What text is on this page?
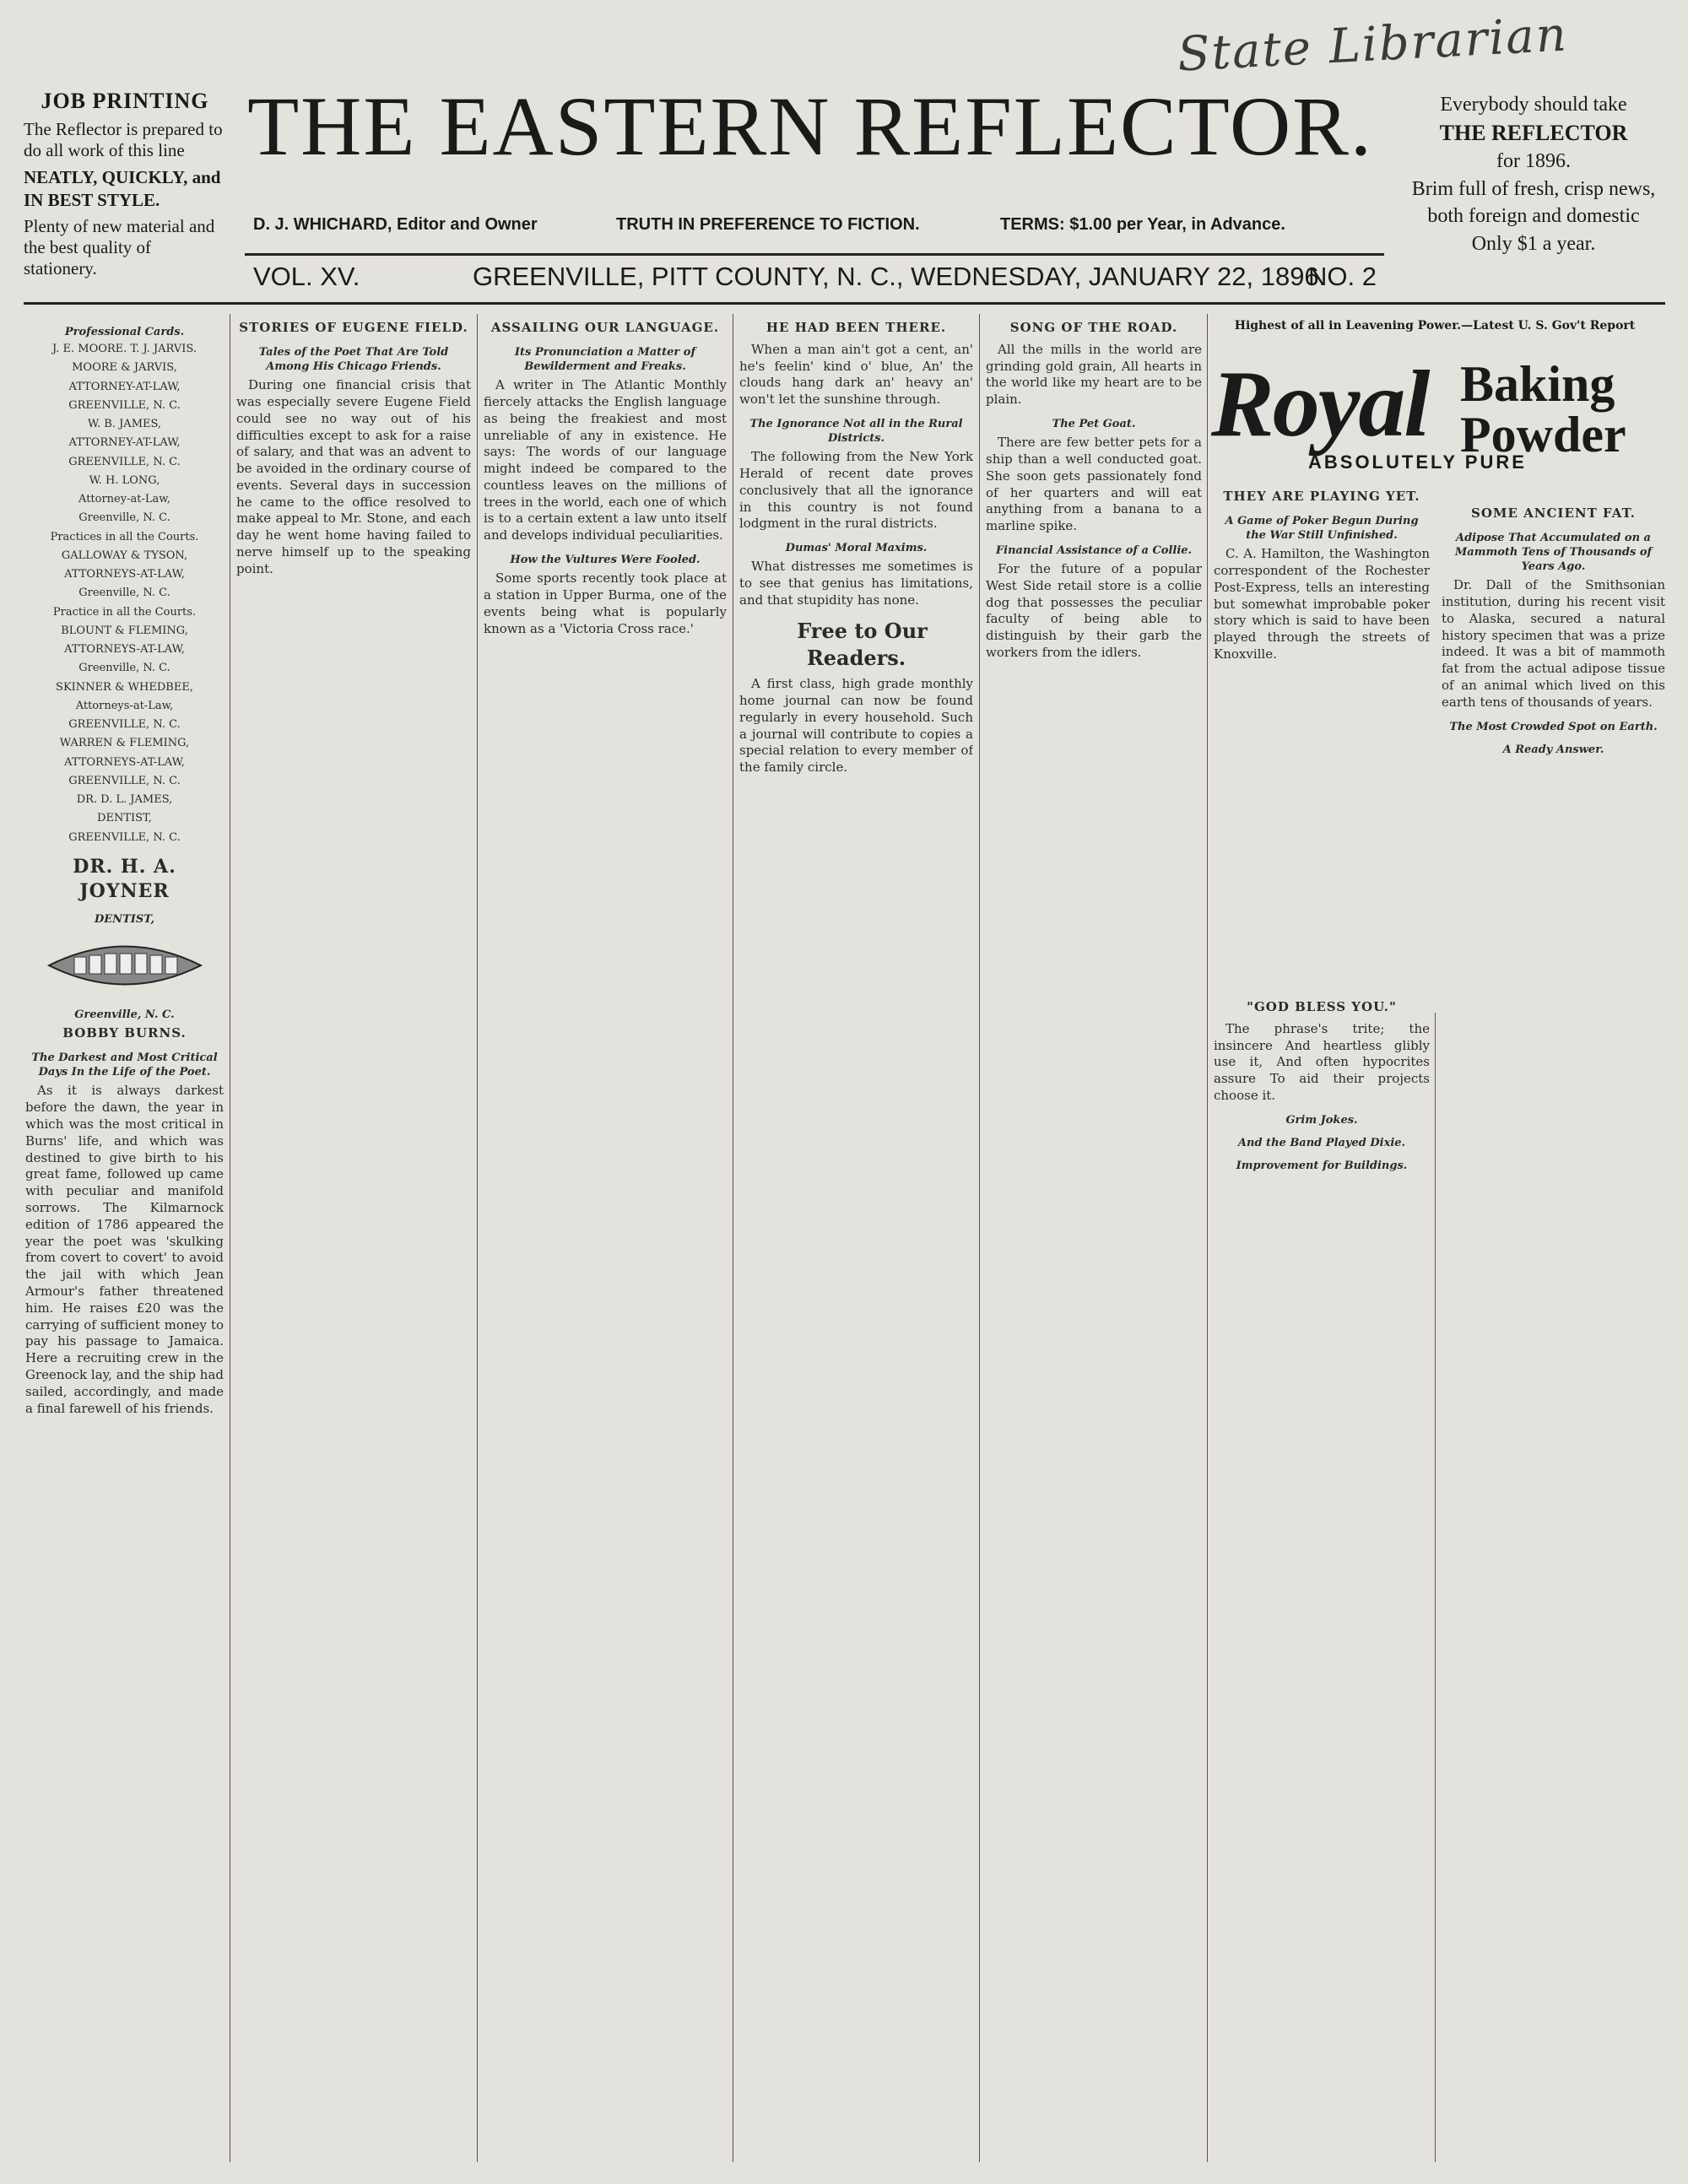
State Librarian
JOB PRINTING

The Reflector is prepared to do all work of this line

NEATLY, QUICKLY, and IN BEST STYLE.

Plenty of new material and the best quality of stationery.

THE EASTERN REFLECTOR.
D. J. WHICHARD, Editor and Owner	TRUTH IN PREFERENCE TO FICTION.	TERMS: $1.00 per Year, in Advance.
Everybody should take
THE REFLECTOR
for 1896.
Brim full of fresh, crisp news, both foreign and domestic
Only $1 a year.
VOL. XV.	GREENVILLE, PITT COUNTY, N. C., WEDNESDAY, JANUARY 22, 1896.
NO. 2
Professional Cards.
J. E. MOORE. T. J. JARVIS.
MOORE & JARVIS,
ATTORNEY-AT-LAW,
GREENVILLE, N. C.
W. B. JAMES,
ATTORNEY-AT-LAW,
GREENVILLE, N. C.
W. H. LONG,
Attorney-at-Law,
Greenville, N. C.
Practices in all the Courts.
GALLOWAY & TYSON,
ATTORNEYS-AT-LAW,
Greenville, N. C.
Practice in all the Courts.
BLOUNT & FLEMING,
ATTORNEYS-AT-LAW,
Greenville, N. C.
SKINNER & WHEDBEE,
Attorneys-at-Law,
GREENVILLE, N. C.
WARREN & FLEMING,
ATTORNEYS-AT-LAW,
GREENVILLE, N. C.
DR. D. L. JAMES,
DENTIST,
GREENVILLE, N. C.
DR. H. A. JOYNER
DENTIST,
Greenville, N. C.
BOBBY BURNS.
The Darkest and Most Critical Days In the Life of the Poet.

As it is always darkest before the dawn, the year in which was the most critical in Burns' life, and which was destined to give birth to his great fame, followed up came with peculiar and manifold sorrows. The Kilmarnock edition of 1786 appeared the year the poet was 'skulking from covert to covert' to avoid the jail with which Jean Armour's father threatened him. He raises £20 was the carrying of sufficient money to pay his passage to Jamaica. Here a recruiting crew in the Greenock lay, and the ship had sailed, accordingly, and made a final farewell of his friends.

STORIES OF EUGENE FIELD.
Tales of the Poet That Are Told Among His Chicago Friends.

During one financial crisis that was especially severe Eugene Field could see no way out of his difficulties except to ask for a raise of salary, and that was an advent to be avoided in the ordinary course of events. Several days in succession he came to the office resolved to make appeal to Mr. Stone, and each day he went home having failed to nerve himself up to the speaking point.

ASSAILING OUR LANGUAGE.
Its Pronunciation a Matter of Bewilderment and Freaks.

A writer in The Atlantic Monthly fiercely attacks the English language as being the freakiest and most unreliable of any in existence. He says: The words of our language might indeed be compared to the countless leaves on the millions of trees in the world, each one of which is to a certain extent a law unto itself and develops individual peculiarities.

How the Vultures Were Fooled.

Some sports recently took place at a station in Upper Burma, one of the events being what is popularly known as a 'Victoria Cross race.'

HE HAD BEEN THERE.

When a man ain't got a cent, an' he's feelin' kind o' blue, An' the clouds hang dark an' heavy an' won't let the sunshine through.

The Ignorance Not all in the Rural Districts.

The following from the New York Herald of recent date proves conclusively that all the ignorance in this country is not found lodgment in the rural districts.

Dumas' Moral Maxims.

What distresses me sometimes is to see that genius has limitations, and that stupidity has none.

Free to Our Readers.

A first class, high grade monthly home journal can now be found regularly in every household. Such a journal will contribute to copies a special relation to every member of the family circle.

SONG OF THE ROAD.

All the mills in the world are grinding gold grain, All hearts in the world like my heart are to be plain.

The Pet Goat.

There are few better pets for a ship than a well conducted goat. She soon gets passionately fond of her quarters and will eat anything from a banana to a marline spike.

Financial Assistance of a Collie.

For the future of a popular West Side retail store is a collie dog that possesses the peculiar faculty of being able to distinguish by their garb the workers from the idlers.

Highest of all in Leavening Power.—Latest U. S. Gov't Report
Royal Baking Powder
ABSOLUTELY PURE
THEY ARE PLAYING YET.
A Game of Poker Begun During the War Still Unfinished.

C. A. Hamilton, the Washington correspondent of the Rochester Post-Express, tells an interesting but somewhat improbable poker story which is said to have been played through the streets of Knoxville.

"GOD BLESS YOU."

The phrase's trite; the insincere And heartless glibly use it, And often hypocrites assure To aid their projects choose it.

Grim Jokes.
And the Band Played Dixie.
Improvement for Buildings.
SOME ANCIENT FAT.
Adipose That Accumulated on a Mammoth Tens of Thousands of Years Ago.

Dr. Dall of the Smithsonian institution, during his recent visit to Alaska, secured a natural history specimen that was a prize indeed. It was a bit of mammoth fat from the actual adipose tissue of an animal which lived on this earth tens of thousands of years.

The Most Crowded Spot on Earth.
A Ready Answer.
